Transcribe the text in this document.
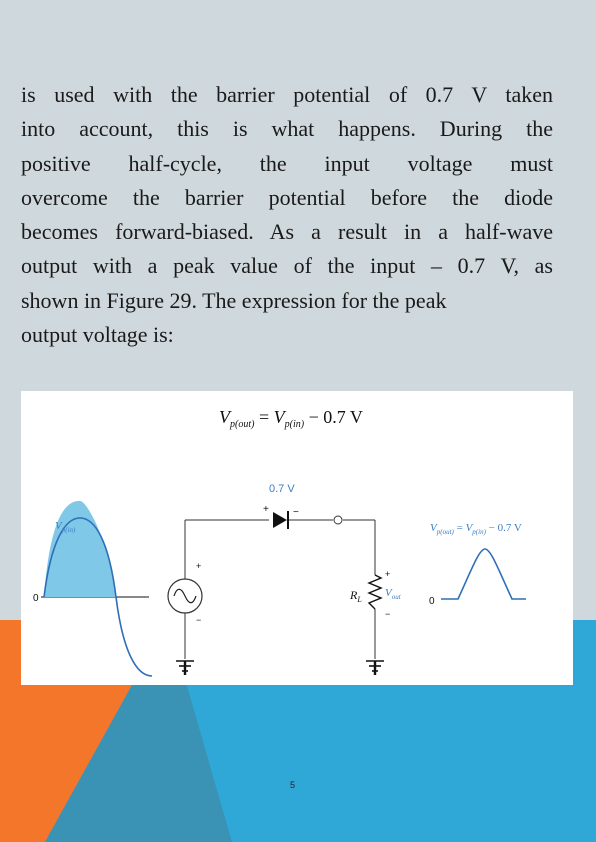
is used with the barrier potential of 0.7 V taken
into account, this is what happens. During the
positive half-cycle, the input voltage must
overcome the barrier potential before the diode
becomes forward-biased. As a result in a half-wave
output with a peak value of the input – 0.7 V, as
shown in Figure 29. The expression for the peak
output voltage is:

$V_{p(out)} = V_{p(in)} - 0.7$ V
0
$V_{p(in)}$
0.7 V
+ −
+
−
$R_L$
$V_{out}$
+
−
$V_{p(out)} = V_{p(in)} - 0.7$ V
0
5
